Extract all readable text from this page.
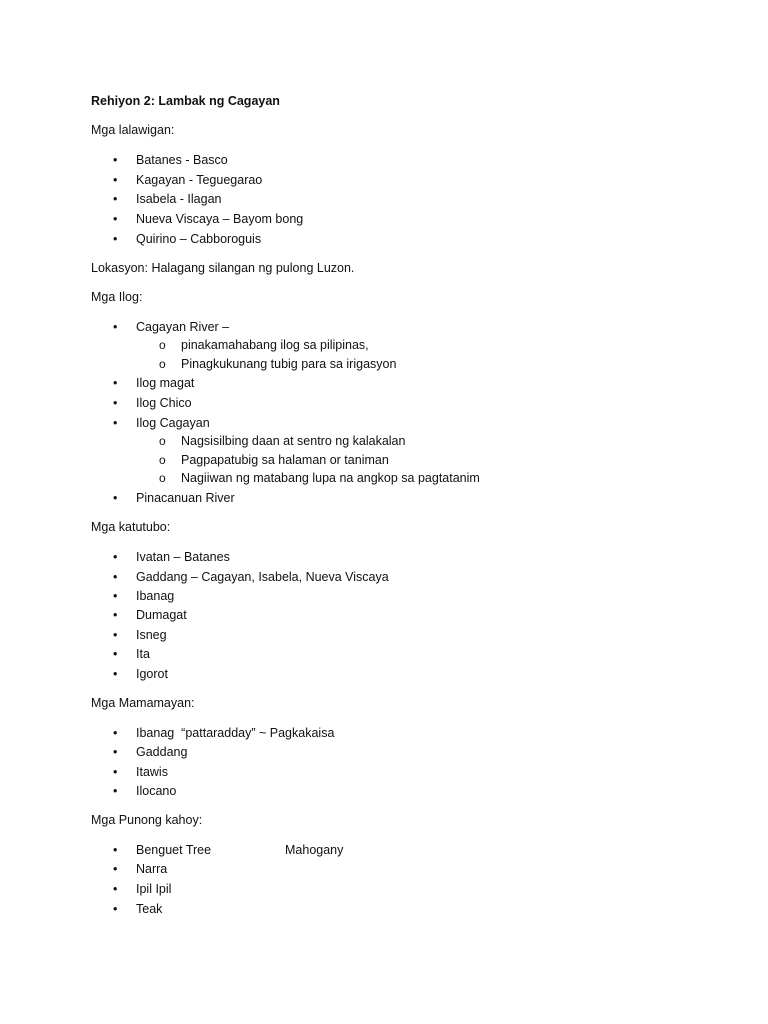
Rehiyon 2: Lambak ng Cagayan
Mga lalawigan:
• Batanes - Basco
• Kagayan - Teguegarao
• Isabela - Ilagan
• Nueva Viscaya – Bayom bong
• Quirino – Cabboroguis
Lokasyon: Halagang silangan ng pulong Luzon.
Mga Ilog:
• Cagayan River –
o pinakamahabang ilog sa pilipinas,
o Pinagkukunang tubig para sa irigasyon
• Ilog magat
• Ilog Chico
• Ilog Cagayan
o Nagsisilbing daan at sentro ng kalakalan
o Pagpapatubig sa halaman or taniman
o Nagiiwan ng matabang lupa na angkop sa pagtatanim
• Pinacanuan River
Mga katutubo:
• Ivatan – Batanes
• Gaddang – Cagayan, Isabela, Nueva Viscaya
• Ibanag
• Dumagat
• Isneg
• Ita
• Igorot
Mga Mamamayan:
• Ibanag  “pattaradday” ~ Pagkakaisa
• Gaddang
• Itawis
• Ilocano
Mga Punong kahoy:
• Benguet Tree	Mahogany
• Narra
• Ipil Ipil
• Teak
